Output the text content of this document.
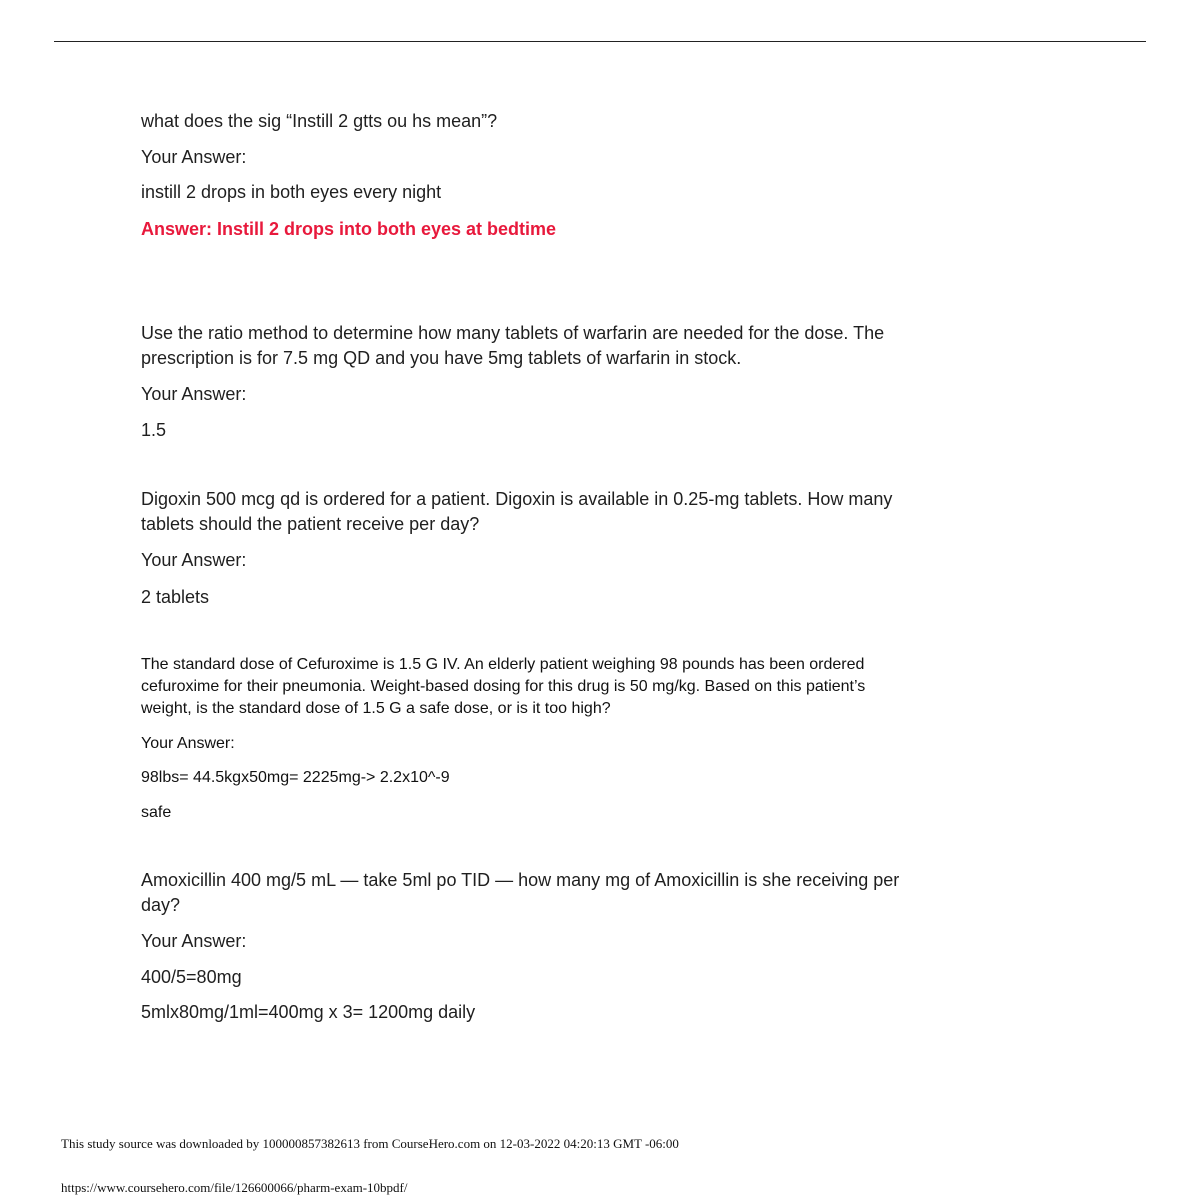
what does the sig “Instill 2 gtts ou hs mean”?

Your Answer:

instill 2 drops in both eyes every night

Answer: Instill 2 drops into both eyes at bedtime

Use the ratio method to determine how many tablets of warfarin are needed for the dose. The

prescription is for 7.5 mg QD and you have 5mg tablets of warfarin in stock.

Your Answer:

1.5

Digoxin 500 mcg qd is ordered for a patient. Digoxin is available in 0.25-mg tablets. How many

tablets should the patient receive per day?

Your Answer:

2 tablets

The standard dose of Cefuroxime is 1.5 G IV. An elderly patient weighing 98 pounds has been ordered

cefuroxime for their pneumonia. Weight-based dosing for this drug is 50 mg/kg. Based on this patient’s

weight, is the standard dose of 1.5 G a safe dose, or is it too high?

Your Answer:

98lbs= 44.5kgx50mg= 2225mg-> 2.2x10^-9

safe

Amoxicillin 400 mg/5 mL — take 5ml po TID — how many mg of Amoxicillin is she receiving per

day?

Your Answer:

400/5=80mg

5mlx80mg/1ml=400mg x 3= 1200mg daily

This study source was downloaded by 100000857382613 from CourseHero.com on 12-03-2022 04:20:13 GMT -06:00
https://www.coursehero.com/file/126600066/pharm-exam-10bpdf/
